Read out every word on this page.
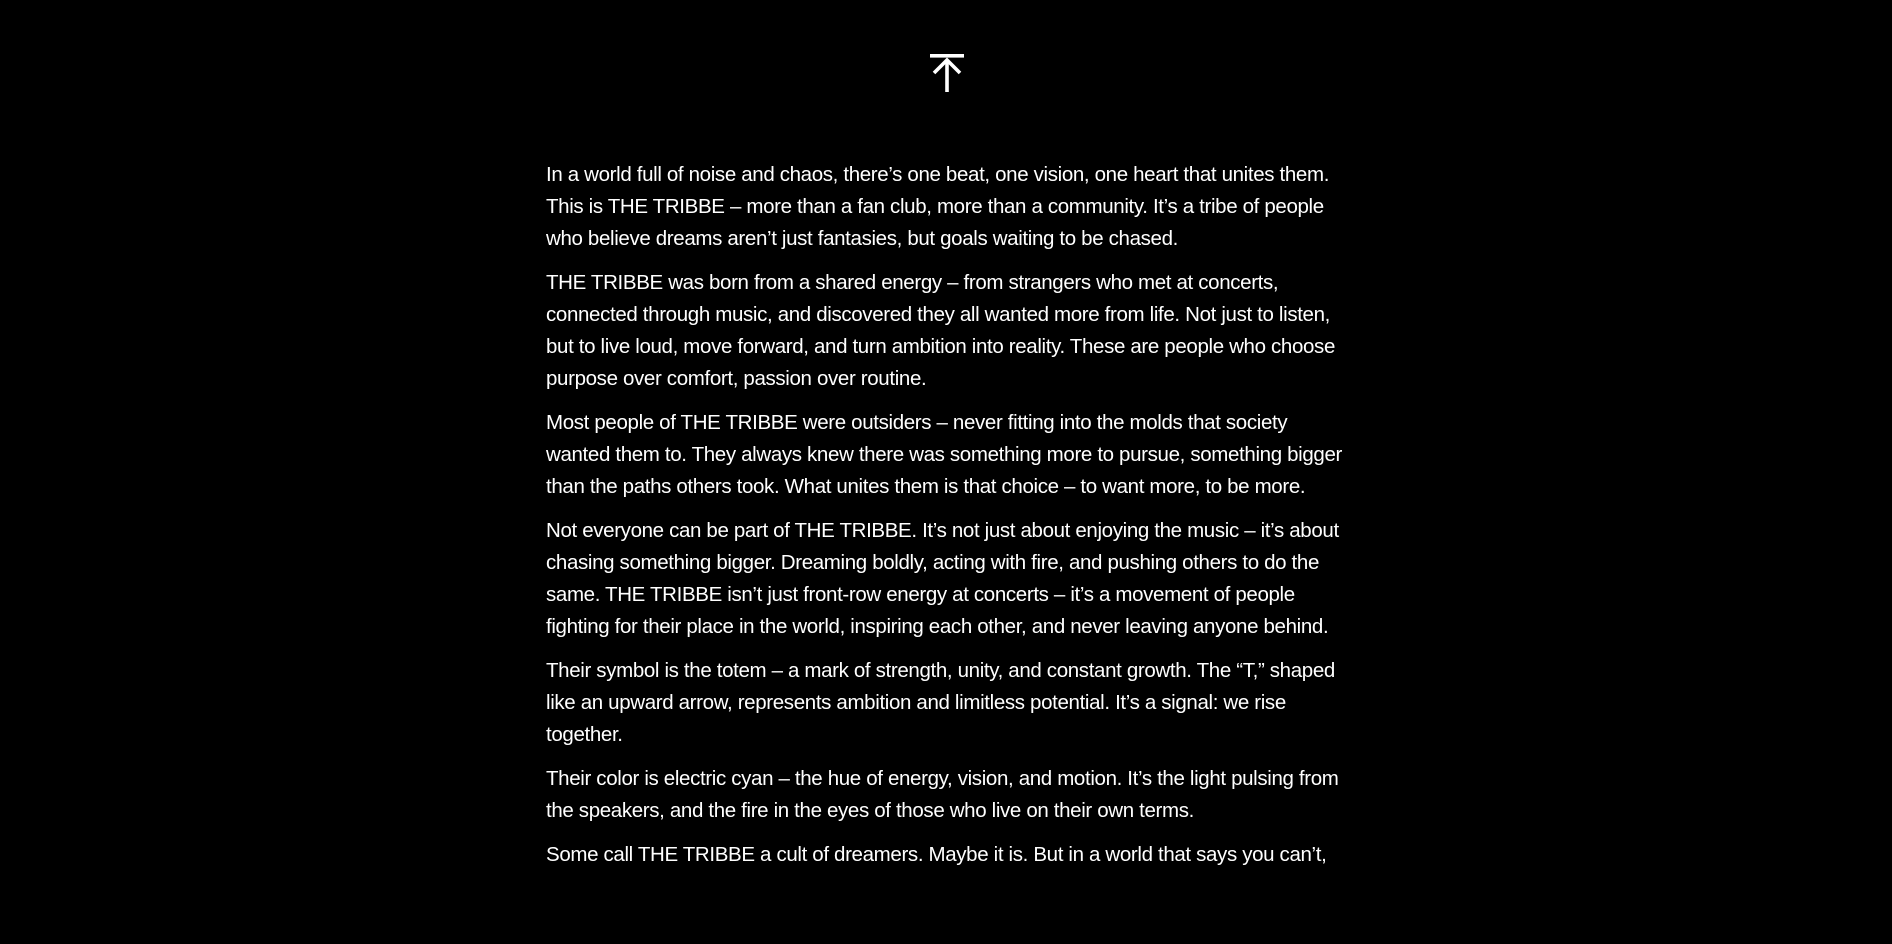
In a world full of noise and chaos, there’s one beat, one vision, one heart that unites them. This is THE TRIBBE – more than a fan club, more than a community. It’s a tribe of people who believe dreams aren’t just fantasies, but goals waiting to be chased.

THE TRIBBE was born from a shared energy – from strangers who met at concerts, connected through music, and discovered they all wanted more from life. Not just to listen, but to live loud, move forward, and turn ambition into reality. These are people who choose purpose over comfort, passion over routine.

Most people of THE TRIBBE were outsiders – never fitting into the molds that society wanted them to. They always knew there was something more to pursue, something bigger than the paths others took. What unites them is that choice – to want more, to be more.

Not everyone can be part of THE TRIBBE. It’s not just about enjoying the music – it’s about chasing something bigger. Dreaming boldly, acting with fire, and pushing others to do the same. THE TRIBBE isn’t just front-row energy at concerts – it’s a movement of people fighting for their place in the world, inspiring each other, and never leaving anyone behind.

Their symbol is the totem – a mark of strength, unity, and constant growth. The “T,” shaped like an upward arrow, represents ambition and limitless potential. It’s a signal: we rise together.

Their color is electric cyan – the hue of energy, vision, and motion. It’s the light pulsing from the speakers, and the fire in the eyes of those who live on their own terms.

Some call THE TRIBBE a cult of dreamers. Maybe it is. But in a world that says you can’t,
